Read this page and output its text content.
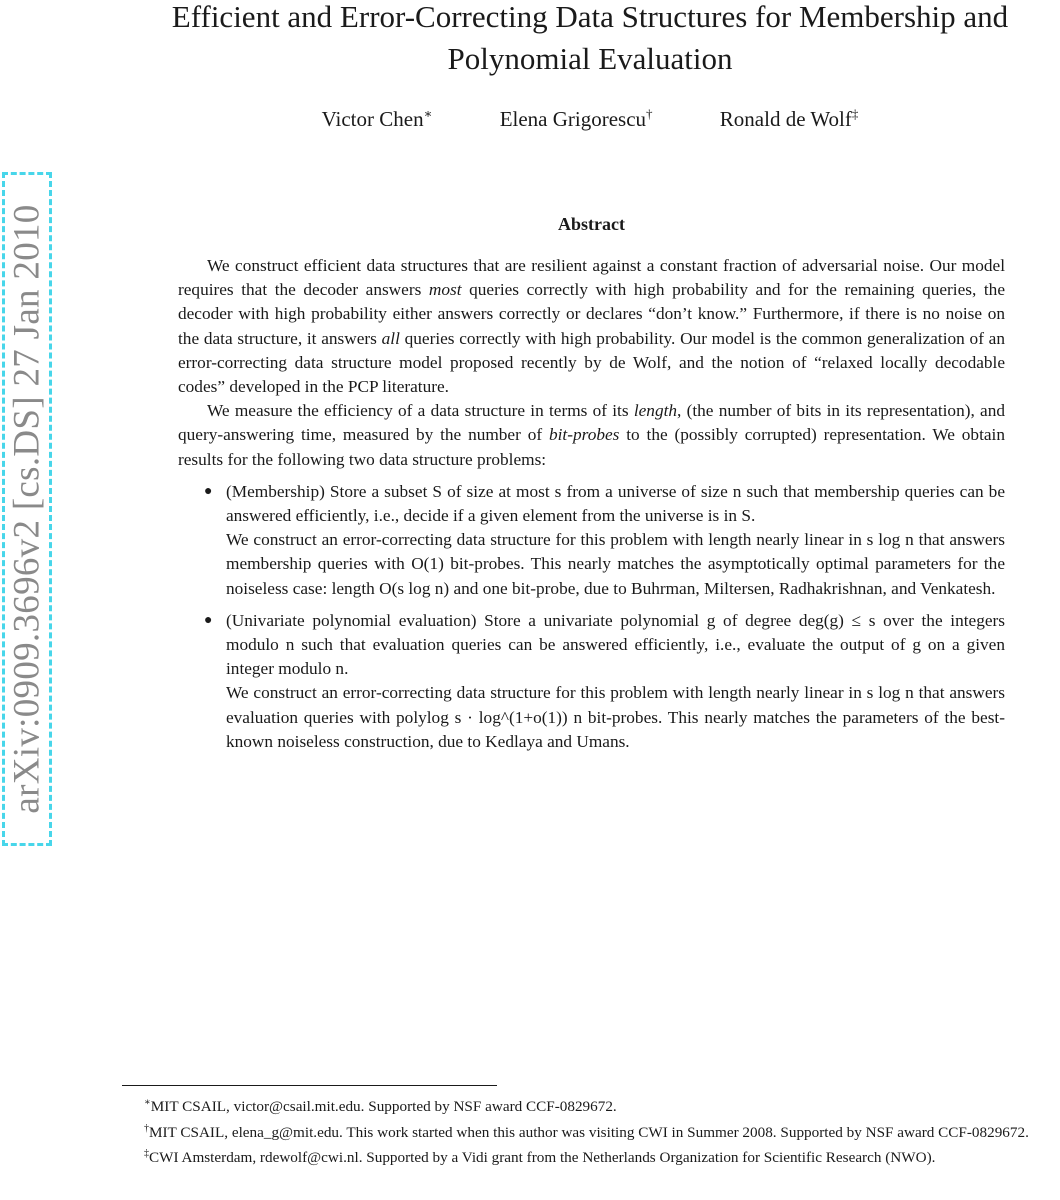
arXiv:0909.3696v2 [cs.DS] 27 Jan 2010
Efficient and Error-Correcting Data Structures for Membership and
Polynomial Evaluation
Victor Chen∗	Elena Grigorescu†	Ronald de Wolf‡
Abstract

We construct efficient data structures that are resilient against a constant fraction of adversarial noise. Our model requires that the decoder answers most queries correctly with high probability and for the remaining queries, the decoder with high probability either answers correctly or declares “don’t know.” Furthermore, if there is no noise on the data structure, it answers all queries correctly with high probability. Our model is the common generalization of an error-correcting data structure model proposed recently by de Wolf, and the notion of “relaxed locally decodable codes” developed in the PCP literature.

We measure the efficiency of a data structure in terms of its length, (the number of bits in its representation), and query-answering time, measured by the number of bit-probes to the (possibly corrupted) representation. We obtain results for the following two data structure problems:

● (Membership) Store a subset S of size at most s from a universe of size n such that membership queries can be answered efficiently, i.e., decide if a given element from the universe is in S.
We construct an error-correcting data structure for this problem with length nearly linear in s log n that answers membership queries with O(1) bit-probes. This nearly matches the asymptotically optimal parameters for the noiseless case: length O(s log n) and one bit-probe, due to Buhrman, Miltersen, Radhakrishnan, and Venkatesh.
● (Univariate polynomial evaluation) Store a univariate polynomial g of degree deg(g) ≤ s over the integers modulo n such that evaluation queries can be answered efficiently, i.e., evaluate the output of g on a given integer modulo n.
We construct an error-correcting data structure for this problem with length nearly linear in s log n that answers evaluation queries with polylog s · log^(1+o(1)) n bit-probes. This nearly matches the parameters of the best-known noiseless construction, due to Kedlaya and Umans.

∗MIT CSAIL, victor@csail.mit.edu. Supported by NSF award CCF-0829672.

†MIT CSAIL, elena_g@mit.edu. This work started when this author was visiting CWI in Summer 2008. Supported by NSF award CCF-0829672.

‡CWI Amsterdam, rdewolf@cwi.nl. Supported by a Vidi grant from the Netherlands Organization for Scientific Research (NWO).
